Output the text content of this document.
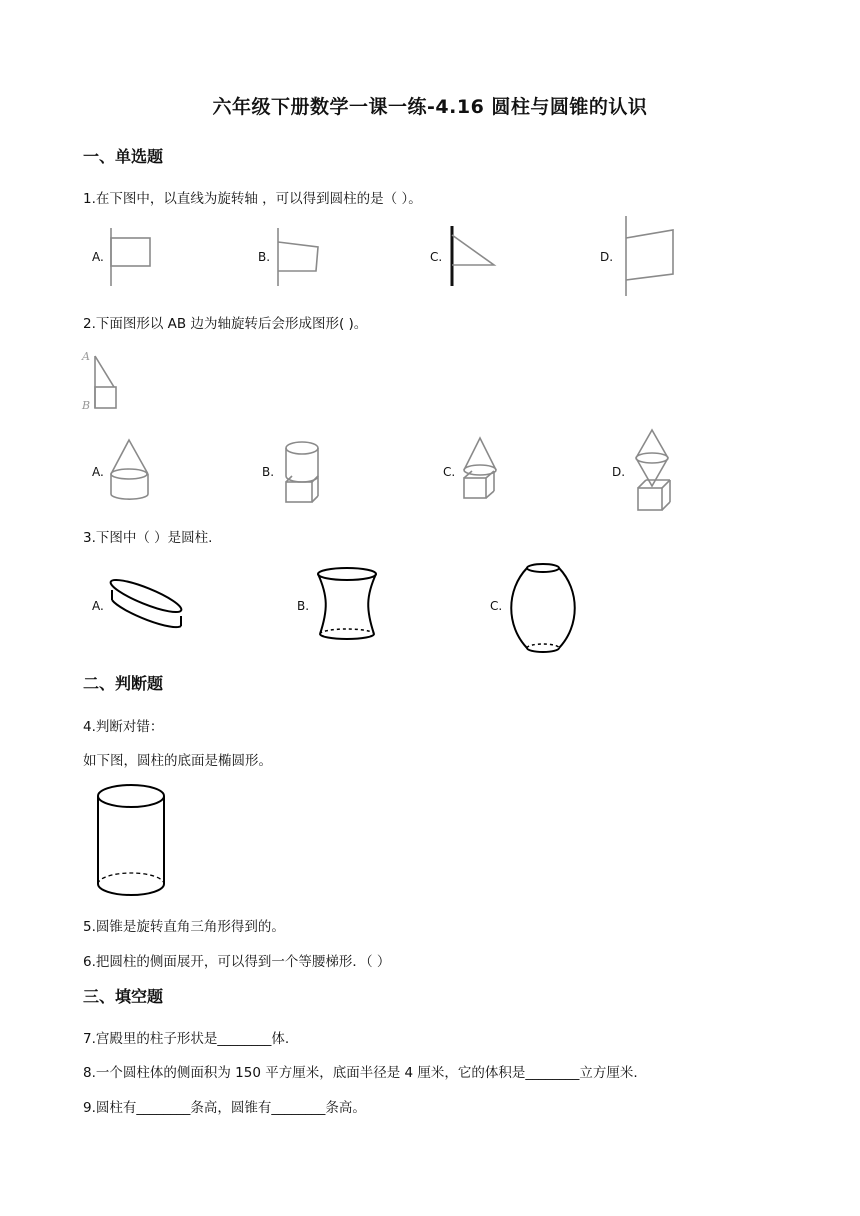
六年级下册数学一课一练-4.16 圆柱与圆锥的认识
一、单选题
1.在下图中，以直线为旋转轴 ，可以得到圆柱的是（ ）。
A.	B.	C.	D.
2.下面图形以 AB 边为轴旋转后会形成图形( )。
A
B
A.	B.	C.	D.
3.下图中（ ）是圆柱.
A.	B.	C.
二、判断题
4.判断对错：
如下图，圆柱的底面是椭圆形。
5.圆锥是旋转直角三角形得到的。
6.把圆柱的侧面展开，可以得到一个等腰梯形．（ ）
三、填空题
7.宫殿里的柱子形状是________体.
8.一个圆柱体的侧面积为 150 平方厘米，底面半径是 4 厘米，它的体积是________立方厘米.
9.圆柱有________条高，圆锥有________条高。
